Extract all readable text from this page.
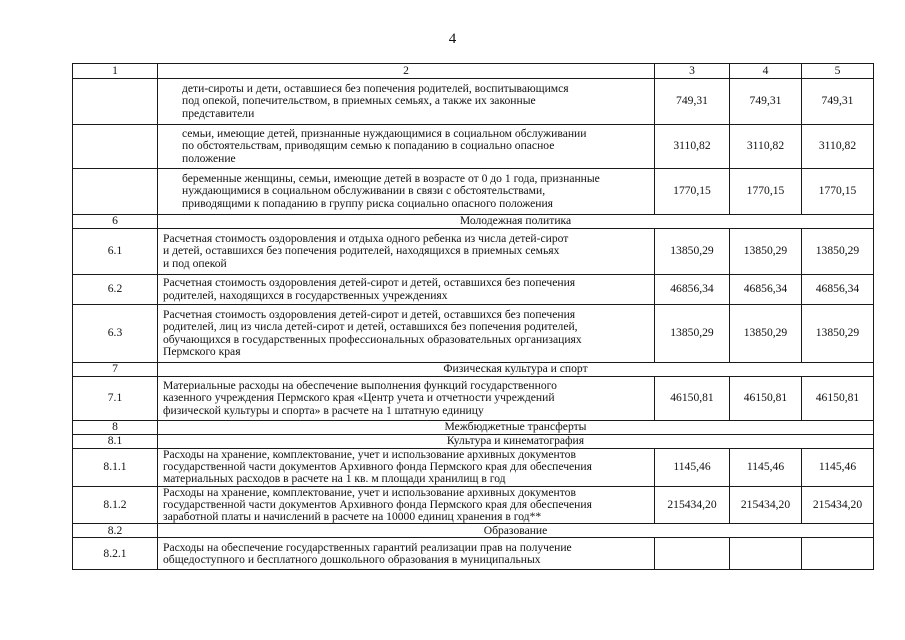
4
1	2	3	4	5

	дети-сироты и дети, оставшиеся без попечения родителей, воспитывающимся
под опекой, попечительством, в приемных семьях, а также их законные
представители	749,31	749,31	749,31

	семьи, имеющие детей, признанные нуждающимися в социальном обслуживании
по обстоятельствам, приводящим семью к попаданию в социально опасное
положение	3110,82	3110,82	3110,82

	беременные женщины, семьи, имеющие детей в возрасте от 0 до 1 года, признанные
нуждающимися в социальном обслуживании в связи с обстоятельствами,
приводящими к попаданию в группу риска социально опасного положения	1770,15	1770,15	1770,15
6	Молодежная политика			
6.1	Расчетная стоимость оздоровления и отдыха одного ребенка из числа детей-сирот
и детей, оставшихся без попечения родителей, находящихся в приемных семьях
и под опекой	13850,29	13850,29	13850,29
6.2	Расчетная стоимость оздоровления детей-сирот и детей, оставшихся без попечения
родителей, находящихся в государственных учреждениях	46856,34	46856,34	46856,34
6.3	Расчетная стоимость оздоровления детей-сирот и детей, оставшихся без попечения
родителей, лиц из числа детей-сирот и детей, оставшихся без попечения родителей,
обучающихся в государственных профессиональных образовательных организациях
Пермского края	13850,29	13850,29	13850,29
7	Физическая культура и спорт			
7.1	Материальные расходы на обеспечение выполнения функций государственного
казенного учреждения Пермского края «Центр учета и отчетности учреждений
физической культуры и спорта» в расчете на 1 штатную единицу	46150,81	46150,81	46150,81
8	Межбюджетные трансферты			
8.1	Культура и кинематография			
8.1.1	Расходы на хранение, комплектование, учет и использование архивных документов
государственной части документов Архивного фонда Пермского края для обеспечения
материальных расходов в расчете на 1 кв. м площади хранилищ в год	1145,46	1145,46	1145,46
8.1.2	Расходы на хранение, комплектование, учет и использование архивных документов
государственной части документов Архивного фонда Пермского края для обеспечения
заработной платы и начислений в расчете на 10000 единиц хранения в год**	215434,20	215434,20	215434,20
8.2	Образование			
8.2.1	Расходы на обеспечение государственных гарантий реализации прав на получение
общедоступного и бесплатного дошкольного образования в муниципальных			
